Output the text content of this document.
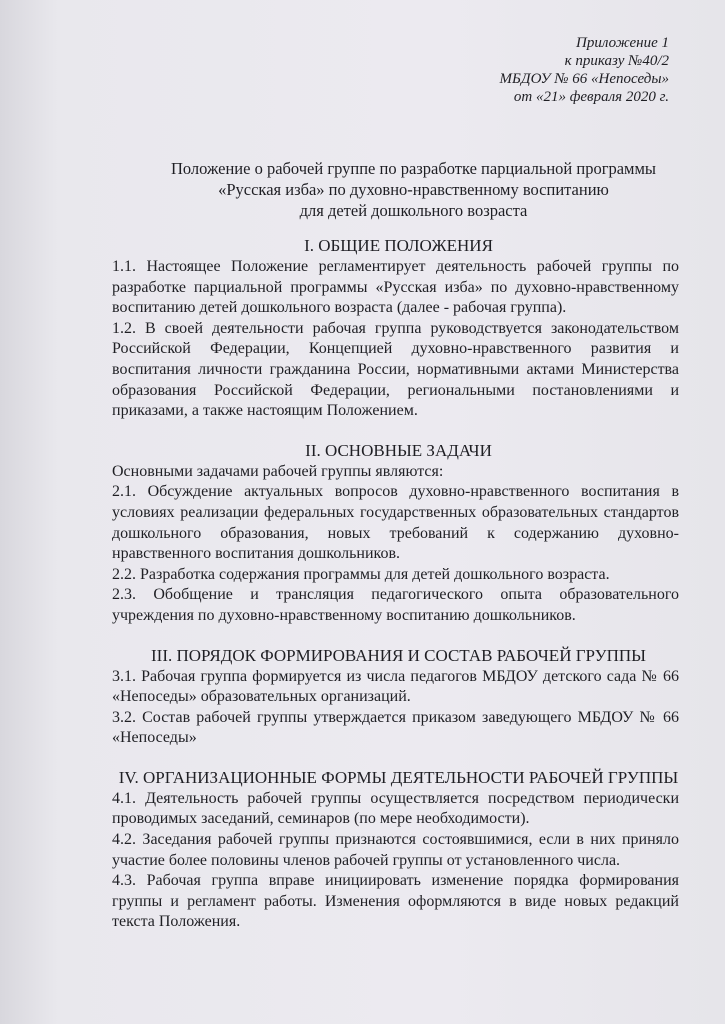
Приложение 1
к приказу №40/2
МБДОУ № 66 «Непоседы»
от «21» февраля 2020 г.
Положение о рабочей группе по разработке парциальной программы
«Русская изба» по духовно-нравственному воспитанию
для детей дошкольного возраста
I. ОБЩИЕ ПОЛОЖЕНИЯ

1.1. Настоящее Положение регламентирует деятельность рабочей группы по разработке парциальной программы «Русская изба» по духовно-нравственному воспитанию детей дошкольного возраста (далее - рабочая группа).

1.2. В своей деятельности рабочая группа руководствуется законодательством Российской Федерации, Концепцией духовно-нравственного развития и воспитания личности гражданина России, нормативными актами Министерства образования Российской Федерации, региональными постановлениями и приказами, а также настоящим Положением.

II. ОСНОВНЫЕ ЗАДАЧИ

Основными задачами рабочей группы являются:

2.1. Обсуждение актуальных вопросов духовно-нравственного воспитания в условиях реализации федеральных государственных образовательных стандартов дошкольного образования, новых требований к содержанию духовно-нравственного воспитания дошкольников.

2.2. Разработка содержания программы для детей дошкольного возраста.

2.3. Обобщение и трансляция педагогического опыта образовательного учреждения по духовно-нравственному воспитанию дошкольников.

III. ПОРЯДОК ФОРМИРОВАНИЯ И СОСТАВ РАБОЧЕЙ ГРУППЫ

3.1. Рабочая группа формируется из числа педагогов МБДОУ детского сада № 66 «Непоседы» образовательных организаций.

3.2. Состав рабочей группы утверждается приказом заведующего МБДОУ № 66 «Непоседы»

IV. ОРГАНИЗАЦИОННЫЕ ФОРМЫ ДЕЯТЕЛЬНОСТИ РАБОЧЕЙ ГРУППЫ

4.1. Деятельность рабочей группы осуществляется посредством периодически проводимых заседаний, семинаров (по мере необходимости).

4.2. Заседания рабочей группы признаются состоявшимися, если в них приняло участие более половины членов рабочей группы от установленного числа.

4.3. Рабочая группа вправе инициировать изменение порядка формирования группы и регламент работы. Изменения оформляются в виде новых редакций текста Положения.
